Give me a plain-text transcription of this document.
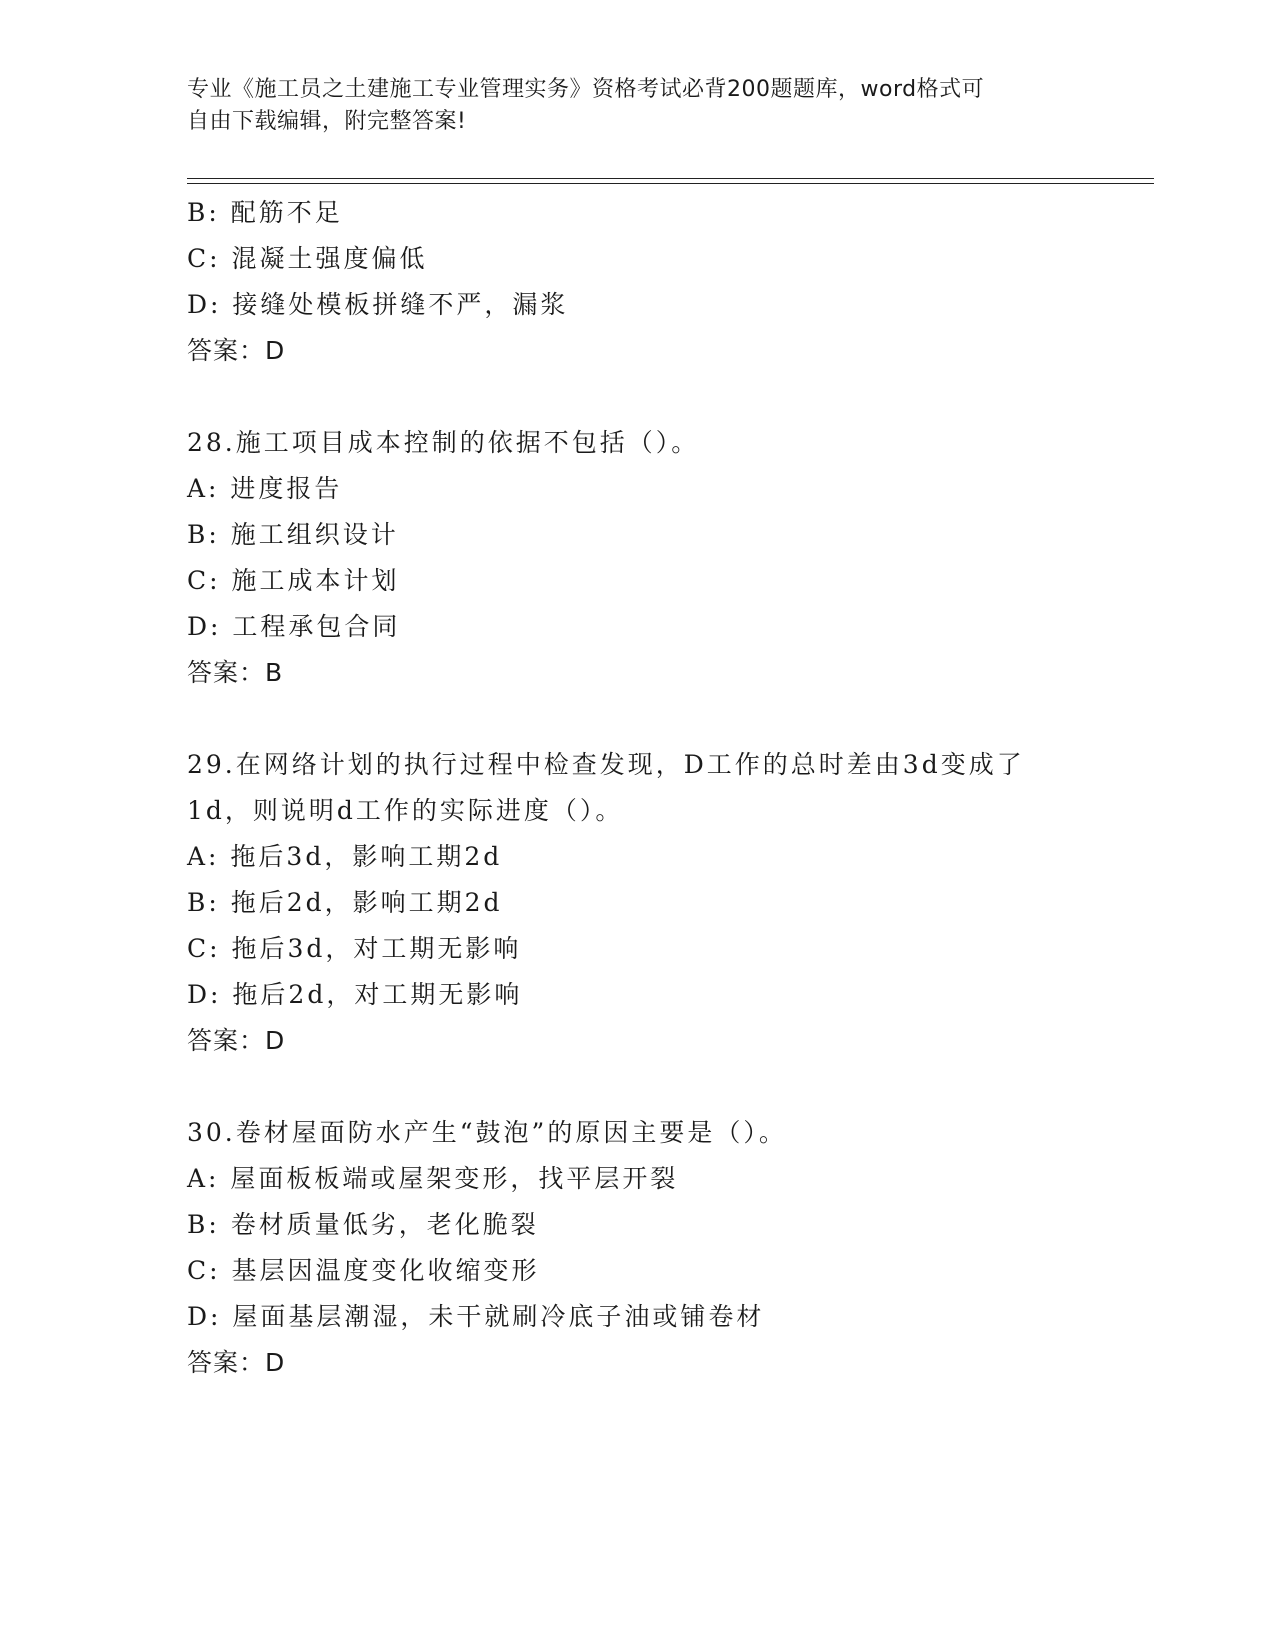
专业《施工员之土建施工专业管理实务》资格考试必背200题题库，word格式可
自由下载编辑，附完整答案!
B: 配筋不足
C: 混凝土强度偏低
D: 接缝处模板拼缝不严，漏浆
答案：D
28.施工项目成本控制的依据不包括（）。
A: 进度报告
B: 施工组织设计
C: 施工成本计划
D: 工程承包合同
答案：B
29.在网络计划的执行过程中检查发现，D工作的总时差由3d变成了
1d，则说明d工作的实际进度（）。
A: 拖后3d，影响工期2d
B: 拖后2d，影响工期2d
C: 拖后3d，对工期无影响
D: 拖后2d，对工期无影响
答案：D
30.卷材屋面防水产生“鼓泡”的原因主要是（）。
A: 屋面板板端或屋架变形，找平层开裂
B: 卷材质量低劣，老化脆裂
C: 基层因温度变化收缩变形
D: 屋面基层潮湿，未干就刷冷底子油或铺卷材
答案：D
